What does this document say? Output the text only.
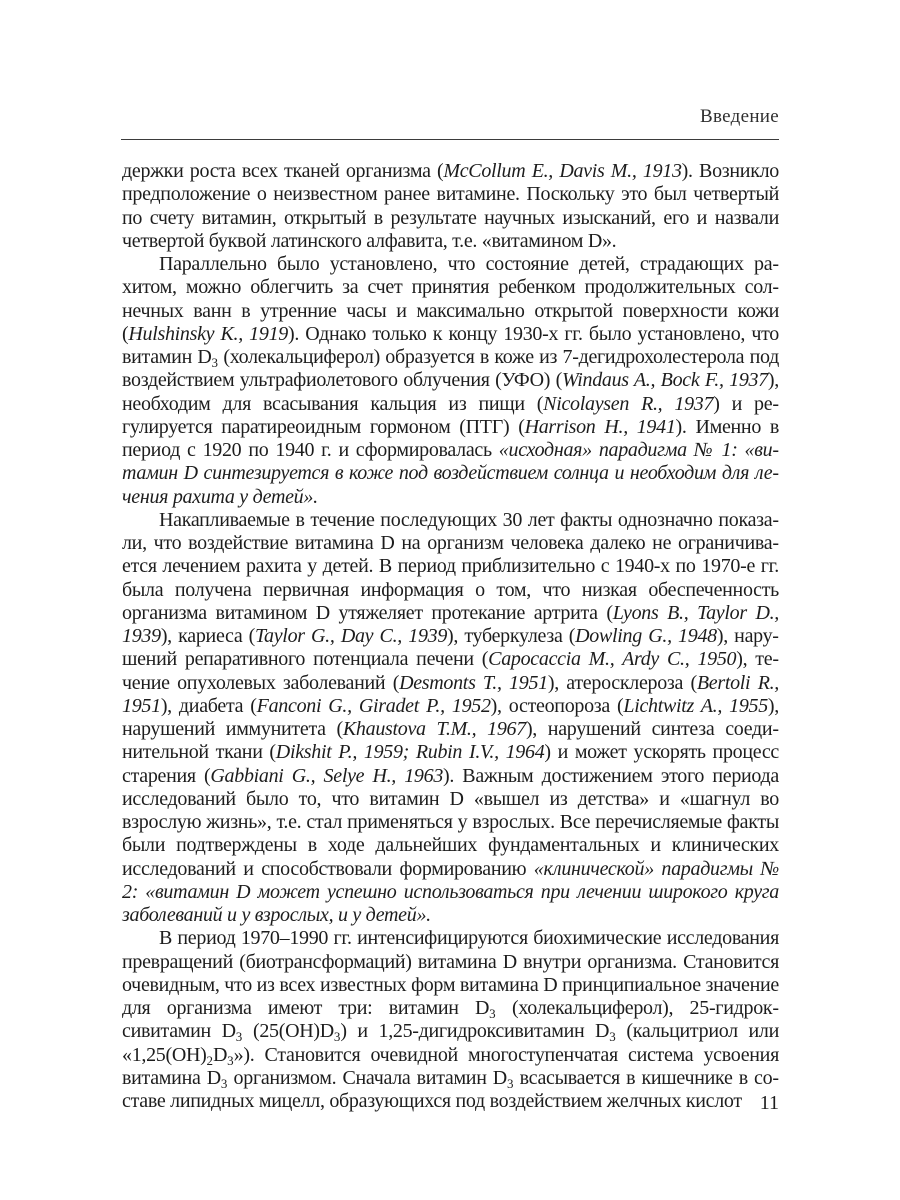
Введение

держки роста всех тканей организма (McCollum E., Davis M., 1913). Возникло предположение о неизвестном ранее витамине. Поскольку это был четвертый по счету витамин, открытый в результате научных изысканий, его и назвали четвертой буквой латинского алфавита, т.е. «витамином D».

Параллельно было установлено, что состояние детей, страдающих рахитом, можно облегчить за счет принятия ребенком продолжительных солнечных ванн в утренние часы и максимально открытой поверхности кожи (Hulshinsky K., 1919). Однако только к концу 1930-х гг. было установлено, что витамин $D_3$ (холекальциферол) образуется в коже из 7-дегидрохолестерола под воздействием ультрафиолетового облучения (УФО) (Windaus A., Bock F., 1937), необходим для всасывания кальция из пищи (Nicolaysen R., 1937) и регулируется паратиреоидным гормоном (ПТГ) (Harrison H., 1941). Именно в период с 1920 по 1940 г. и сформировалась «исходная» парадигма № 1: «витамин D синтезируется в коже под воздействием солнца и необходим для лечения рахита у детей».

Накапливаемые в течение последующих 30 лет факты однозначно показали, что воздействие витамина D на организм человека далеко не ограничивается лечением рахита у детей. В период приблизительно с 1940-х по 1970-е гг. была получена первичная информация о том, что низкая обеспеченность организма витамином D утяжеляет протекание артрита (Lyons B., Taylor D., 1939), кариеса (Taylor G., Day C., 1939), туберкулеза (Dowling G., 1948), нарушений репаративного потенциала печени (Capocaccia M., Ardy C., 1950), течение опухолевых заболеваний (Desmonts T., 1951), атеросклероза (Bertoli R., 1951), диабета (Fanconi G., Giradet P., 1952), остеопороза (Lichtwitz A., 1955), нарушений иммунитета (Khaustova T.M., 1967), нарушений синтеза соединительной ткани (Dikshit P., 1959; Rubin I.V., 1964) и может ускорять процесс старения (Gabbiani G., Selye H., 1963). Важным достижением этого периода исследований было то, что витамин D «вышел из детства» и «шагнул во взрослую жизнь», т.е. стал применяться у взрослых. Все перечисляемые факты были подтверждены в ходе дальнейших фундаментальных и клинических исследований и способствовали формированию «клинической» парадигмы № 2: «витамин D может успешно использоваться при лечении широкого круга заболеваний и у взрослых, и у детей».

В период 1970–1990 гг. интенсифицируются биохимические исследования превращений (биотрансформаций) витамина D внутри организма. Становится очевидным, что из всех известных форм витамина D принципиальное значение для организма имеют три: витамин $D_3$ (холекальциферол), 25-гидроксивитамин $D_3$ $(25(OH)D_3)$ и 1,25-дигидроксивитамин $D_3$ (кальцитриол или «$1,25(OH)_2D_3$»). Становится очевидной многоступенчатая система усвоения витамина $D_3$ организмом. Сначала витамин $D_3$ всасывается в кишечнике в составе липидных мицелл, образующихся под воздействием желчных кислот 11
